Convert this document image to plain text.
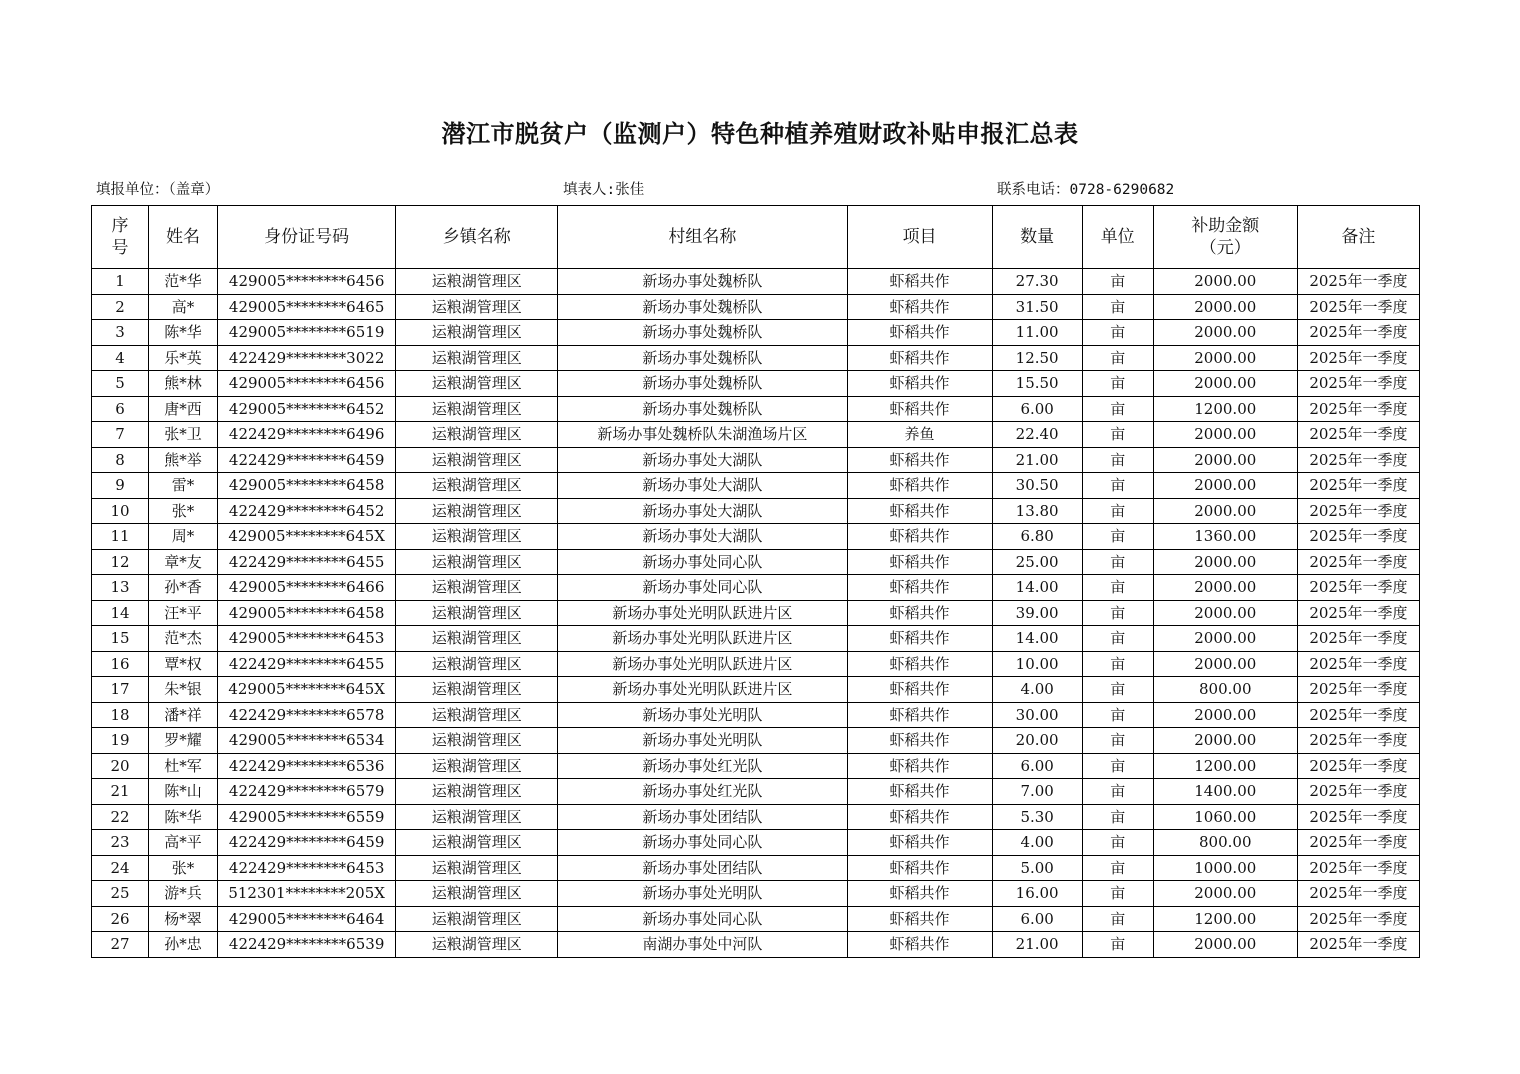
潜江市脱贫户（监测户）特色种植养殖财政补贴申报汇总表
填报单位：（盖章）	填表人:张佳	联系电话：0728-6290682
序号	姓名	身份证号码	乡镇名称	村组名称	项目	数量	单位	补助金额（元）	备注
1	范*华	429005********6456	运粮湖管理区	新场办事处魏桥队	虾稻共作	27.30	亩	2000.00	2025年一季度
2	高*	429005********6465	运粮湖管理区	新场办事处魏桥队	虾稻共作	31.50	亩	2000.00	2025年一季度
3	陈*华	429005********6519	运粮湖管理区	新场办事处魏桥队	虾稻共作	11.00	亩	2000.00	2025年一季度
4	乐*英	422429********3022	运粮湖管理区	新场办事处魏桥队	虾稻共作	12.50	亩	2000.00	2025年一季度
5	熊*林	429005********6456	运粮湖管理区	新场办事处魏桥队	虾稻共作	15.50	亩	2000.00	2025年一季度
6	唐*西	429005********6452	运粮湖管理区	新场办事处魏桥队	虾稻共作	6.00	亩	1200.00	2025年一季度
7	张*卫	422429********6496	运粮湖管理区	新场办事处魏桥队朱湖渔场片区	养鱼	22.40	亩	2000.00	2025年一季度
8	熊*举	422429********6459	运粮湖管理区	新场办事处大湖队	虾稻共作	21.00	亩	2000.00	2025年一季度
9	雷*	429005********6458	运粮湖管理区	新场办事处大湖队	虾稻共作	30.50	亩	2000.00	2025年一季度
10	张*	422429********6452	运粮湖管理区	新场办事处大湖队	虾稻共作	13.80	亩	2000.00	2025年一季度
11	周*	429005********645X	运粮湖管理区	新场办事处大湖队	虾稻共作	6.80	亩	1360.00	2025年一季度
12	章*友	422429********6455	运粮湖管理区	新场办事处同心队	虾稻共作	25.00	亩	2000.00	2025年一季度
13	孙*香	429005********6466	运粮湖管理区	新场办事处同心队	虾稻共作	14.00	亩	2000.00	2025年一季度
14	汪*平	429005********6458	运粮湖管理区	新场办事处光明队跃进片区	虾稻共作	39.00	亩	2000.00	2025年一季度
15	范*杰	429005********6453	运粮湖管理区	新场办事处光明队跃进片区	虾稻共作	14.00	亩	2000.00	2025年一季度
16	覃*权	422429********6455	运粮湖管理区	新场办事处光明队跃进片区	虾稻共作	10.00	亩	2000.00	2025年一季度
17	朱*银	429005********645X	运粮湖管理区	新场办事处光明队跃进片区	虾稻共作	4.00	亩	800.00	2025年一季度
18	潘*祥	422429********6578	运粮湖管理区	新场办事处光明队	虾稻共作	30.00	亩	2000.00	2025年一季度
19	罗*耀	429005********6534	运粮湖管理区	新场办事处光明队	虾稻共作	20.00	亩	2000.00	2025年一季度
20	杜*军	422429********6536	运粮湖管理区	新场办事处红光队	虾稻共作	6.00	亩	1200.00	2025年一季度
21	陈*山	422429********6579	运粮湖管理区	新场办事处红光队	虾稻共作	7.00	亩	1400.00	2025年一季度
22	陈*华	429005********6559	运粮湖管理区	新场办事处团结队	虾稻共作	5.30	亩	1060.00	2025年一季度
23	高*平	422429********6459	运粮湖管理区	新场办事处同心队	虾稻共作	4.00	亩	800.00	2025年一季度
24	张*	422429********6453	运粮湖管理区	新场办事处团结队	虾稻共作	5.00	亩	1000.00	2025年一季度
25	游*兵	512301********205X	运粮湖管理区	新场办事处光明队	虾稻共作	16.00	亩	2000.00	2025年一季度
26	杨*翠	429005********6464	运粮湖管理区	新场办事处同心队	虾稻共作	6.00	亩	1200.00	2025年一季度
27	孙*忠	422429********6539	运粮湖管理区	南湖办事处中河队	虾稻共作	21.00	亩	2000.00	2025年一季度
